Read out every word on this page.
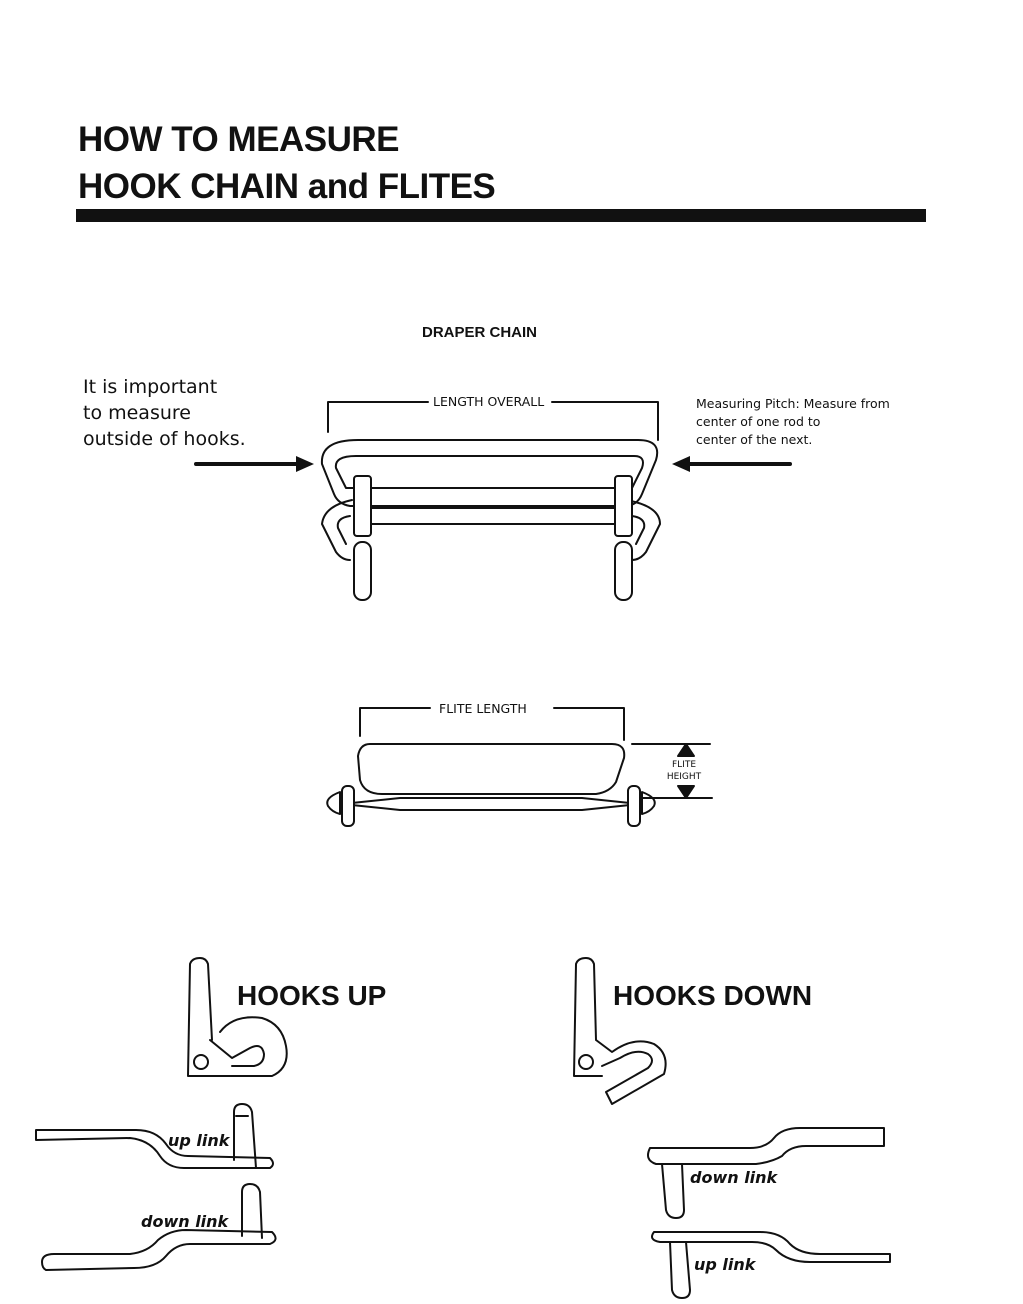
HOW TO MEASURE
HOOK CHAIN and FLITES
DRAPER CHAIN
It is important
to measure
outside of hooks.
Measuring Pitch: Measure from
center of one rod to
center of the next.
LENGTH OVERALL
FLITE LENGTH
FLITE
HEIGHT
HOOKS UP
up link
down link
HOOKS DOWN
down link
up link
